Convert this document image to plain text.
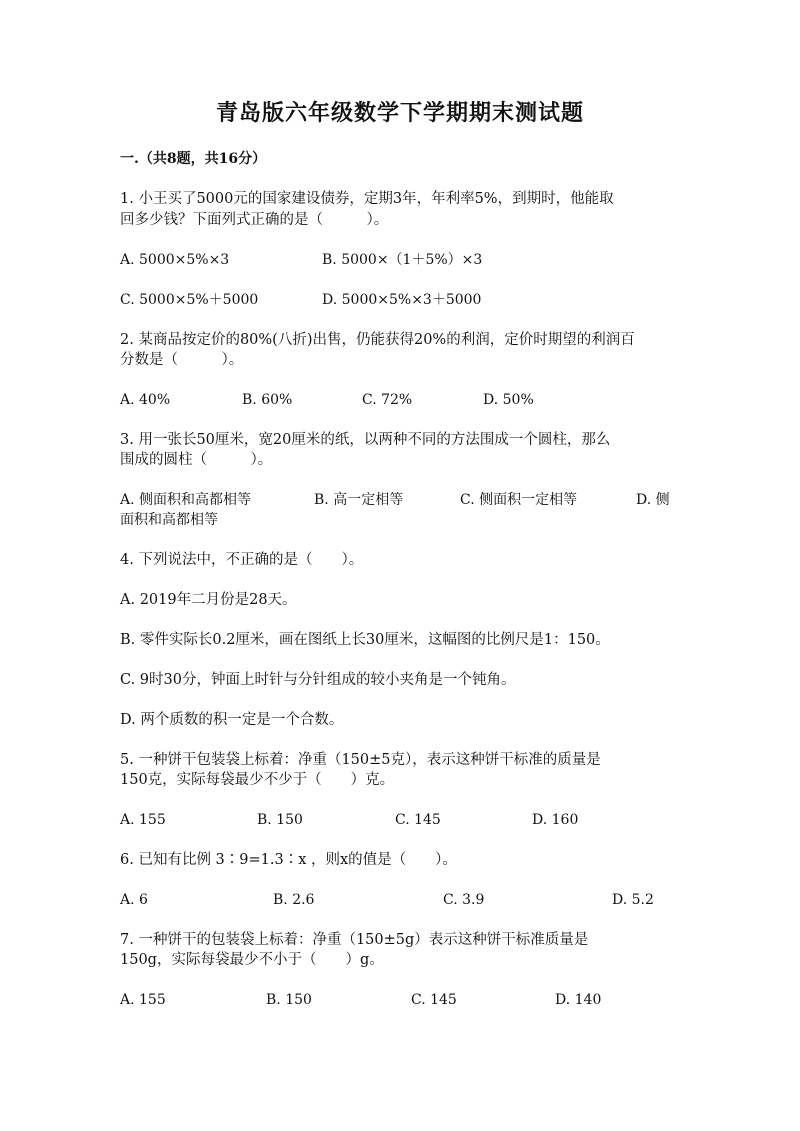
青岛版六年级数学下学期期末测试题
一.（共8题，共16分）
1. 小王买了5000元的国家建设债券，定期3年，年利率5%，到期时，他能取
回多少钱？下面列式正确的是（　　　）。
A. 5000×5%×3	B. 5000×（1＋5%）×3
C. 5000×5%＋5000	D. 5000×5%×3＋5000
2. 某商品按定价的80%(八折)出售，仍能获得20%的利润，定价时期望的利润百
分数是（　　　）。
A. 40%	B. 60%	C. 72%	D. 50%
3. 用一张长50厘米，宽20厘米的纸，以两种不同的方法围成一个圆柱，那么
围成的圆柱（　　　）。
A. 侧面积和高都相等	B. 高一定相等	C. 侧面积一定相等	D. 侧
面积和高都相等
4. 下列说法中，不正确的是（　　）。
A. 2019年二月份是28天。
B. 零件实际长0.2厘米，画在图纸上长30厘米，这幅图的比例尺是1：150。
C. 9时30分，钟面上时针与分针组成的较小夹角是一个钝角。
D. 两个质数的积一定是一个合数。
5. 一种饼干包装袋上标着：净重（150±5克），表示这种饼干标准的质量是
150克，实际每袋最少不少于（　　）克。
A. 155	B. 150	C. 145	D. 160
6. 已知有比例 3∶9=1.3∶x ，则x的值是（　　）。
A. 6	B. 2.6	C. 3.9	D. 5.2
7. 一种饼干的包装袋上标着：净重（150±5g）表示这种饼干标准质量是
150g，实际每袋最少不小于（　　）g。
A. 155	B. 150	C. 145	D. 140
